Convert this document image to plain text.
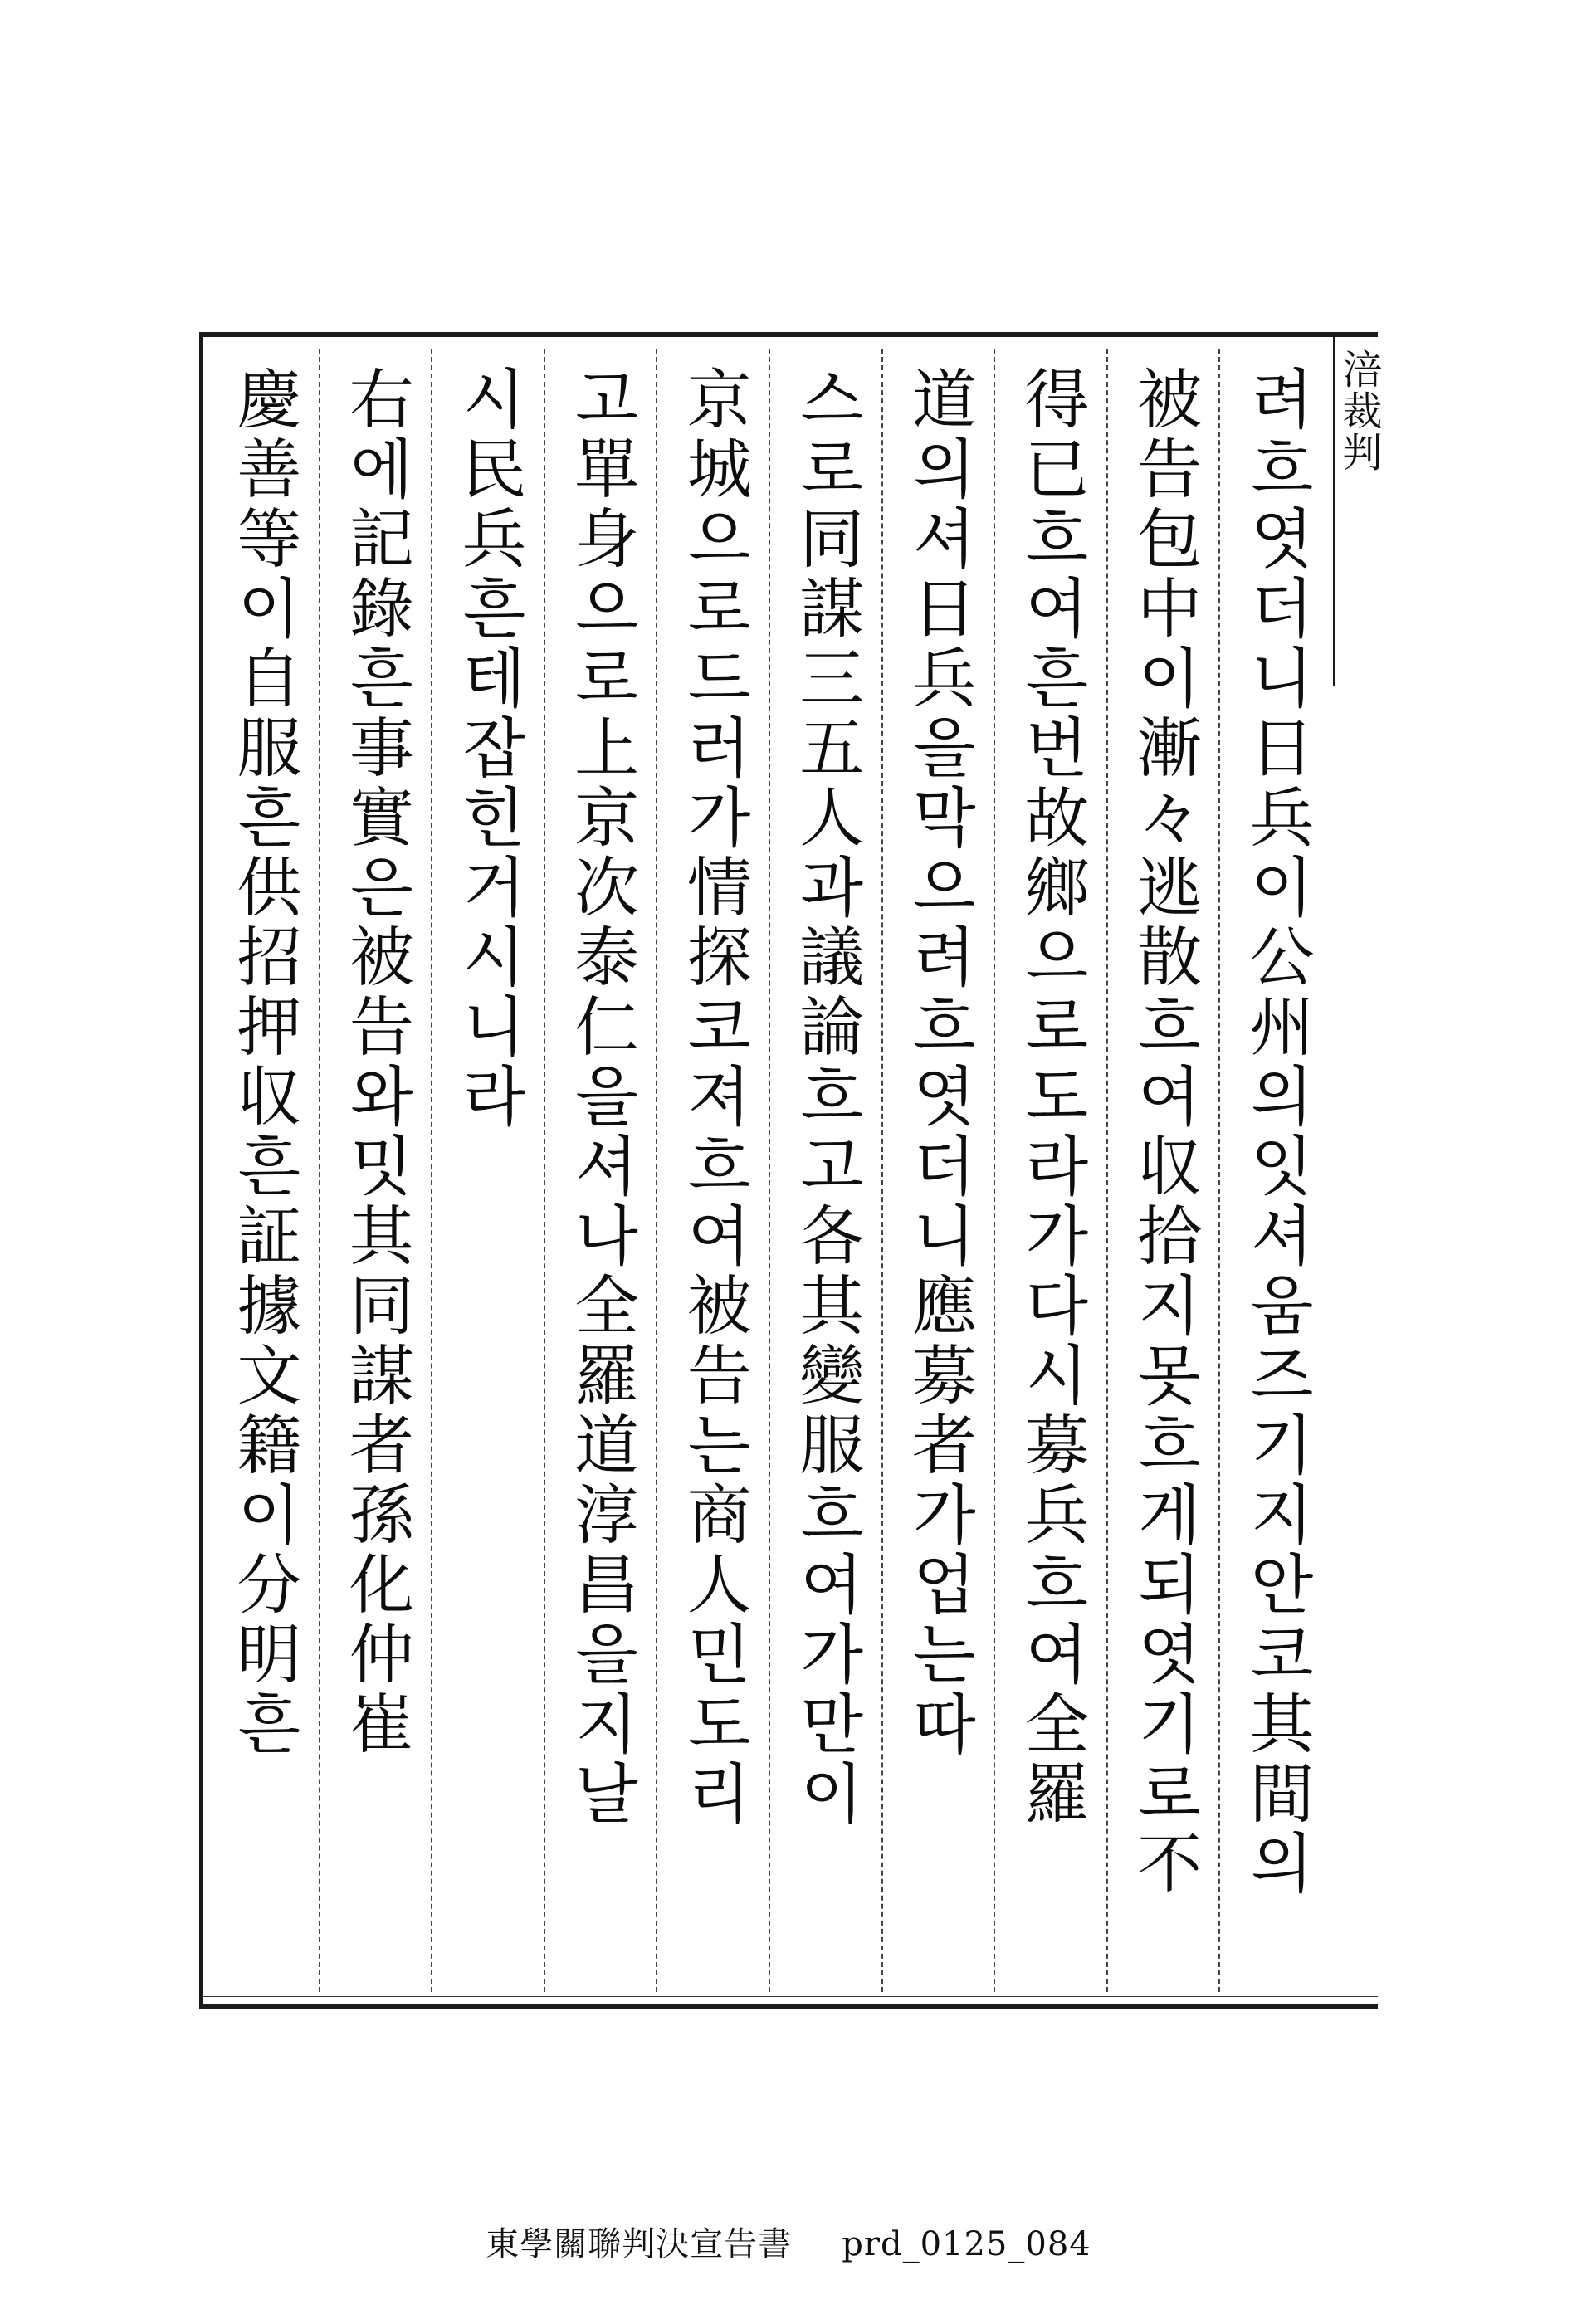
涪裁判
려흐엿더니日兵이公州의잇셔움즈기지안코其間의
被告包中이漸々逃散흐여収拾지못흐게되엿기로不
得已흐여흔번故鄉으로도라가다시募兵흐여全羅
道의셔日兵을막으려흐엿더니應募者가업는따
스로同謀三五人과議論흐고各其變服흐여가만이
京城으로드러가情探코져흐여被告는商人민도리
고單身으로上京次泰仁을셔나全羅道淳昌을지날
시民兵흔테잡힌거시니라
右에記錄흔事實은被告와밋其同謀者孫化仲崔
慶善等이自服흔供招押収흔証據文籍이分明흔
東學關聯判決宣告書 prd_0125_084
